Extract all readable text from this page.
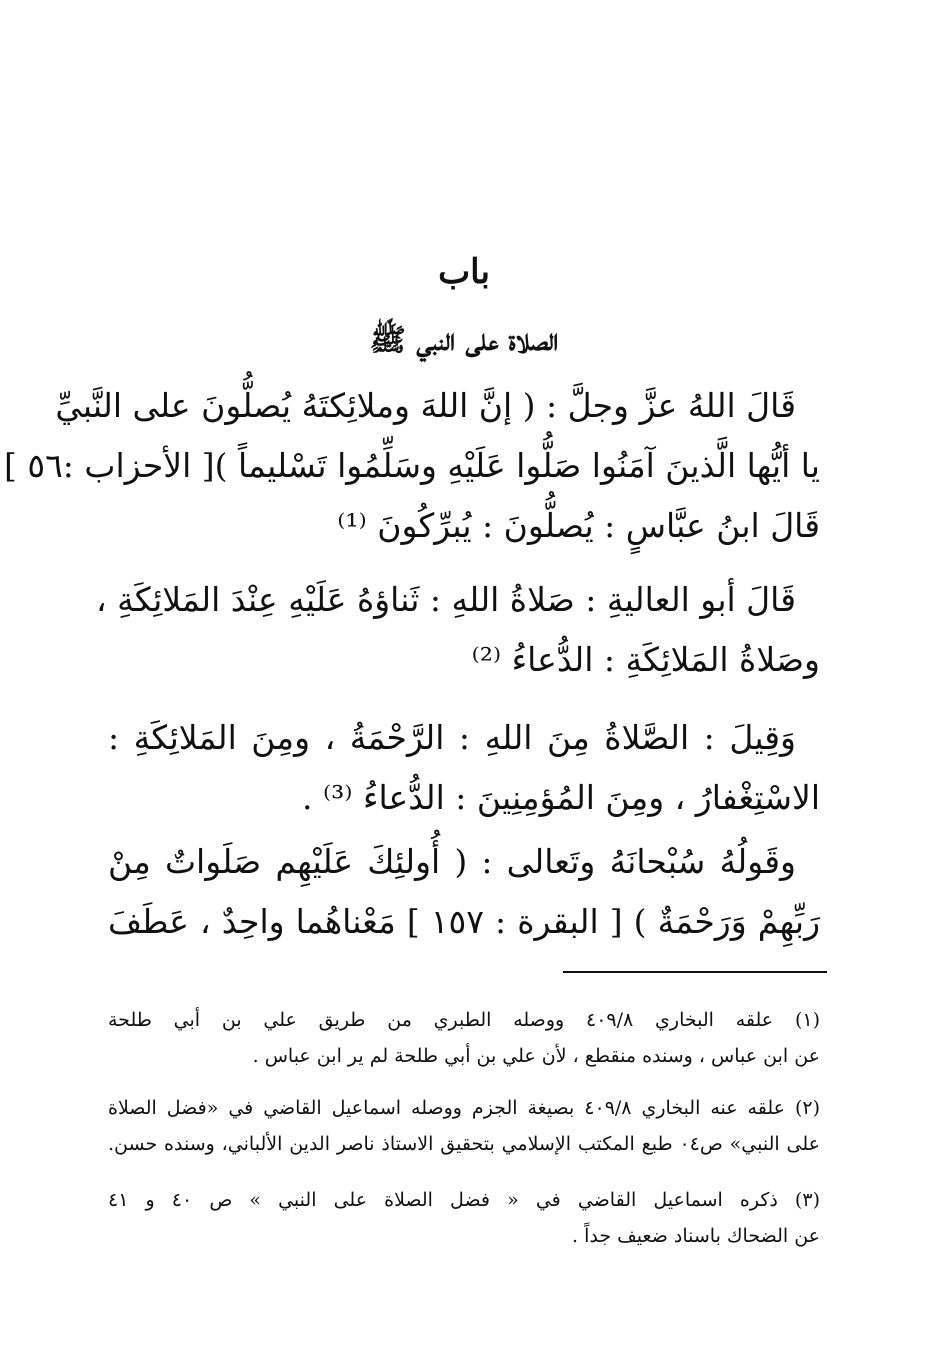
باب
الصلاة على النبي ﷺ
قَالَ اللهُ عزَّ وجلَّ : ( إنَّ اللهَ وملائِكتَهُ يُصلُّونَ على النَّبيِّ
يا أيُّها الَّذينَ آمَنُوا صَلُّوا عَلَيْهِ وسَلِّمُوا تَسْليماً )[ الأحزاب :٥٦ ]
قَالَ ابنُ عبَّاسٍ : يُصلُّونَ : يُبرِّكُونَ ⁽¹⁾
قَالَ أبو العاليةِ : صَلاةُ اللهِ : ثَناؤهُ عَلَيْهِ عِنْدَ المَلائِكَةِ ،
وصَلاةُ المَلائِكَةِ : الدُّعاءُ ⁽²⁾
وَقِيلَ : الصَّلاةُ مِنَ اللهِ : الرَّحْمَةُ ، ومِنَ المَلائِكَةِ :
الاسْتِغْفارُ ، ومِنَ المُؤمِنِينَ : الدُّعاءُ ⁽³⁾ .
وقَولُهُ سُبْحانَهُ وتَعالى : ( أُولئِكَ عَلَيْهِم صَلَواتٌ مِنْ
رَبِّهِمْ وَرَحْمَةٌ ) [ البقرة : ١٥٧ ] مَعْناهُما واحِدٌ ، عَطَفَ
(١) علقه البخاري ٤٠٩/٨ ووصله الطبري من طريق علي بن أبي طلحة
عن ابن عباس ، وسنده منقطع ، لأن علي بن أبي طلحة لم ير ابن عباس .
(٢) علقه عنه البخاري ٤٠٩/٨ بصيغة الجزم ووصله اسماعيل القاضي في «فضل الصلاة
على النبي» ص٠٤ طبع المكتب الإسلامي بتحقيق الاستاذ ناصر الدين الألباني، وسنده حسن.
(٣) ذكره اسماعيل القاضي في « فضل الصلاة على النبي » ص ٤٠ و ٤١
عن الضحاك باسناد ضعيف جداً .
